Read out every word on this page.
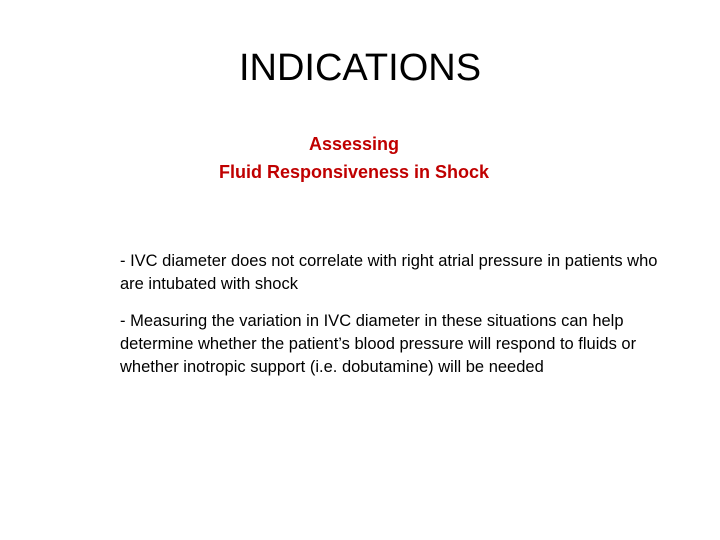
INDICATIONS
Assessing
Fluid Responsiveness in Shock

- IVC diameter does not correlate with right atrial pressure in patients who are intubated with shock

- Measuring the variation in IVC diameter in these situations can help determine whether the patient’s blood pressure will respond to fluids or whether inotropic support (i.e. dobutamine) will be needed
